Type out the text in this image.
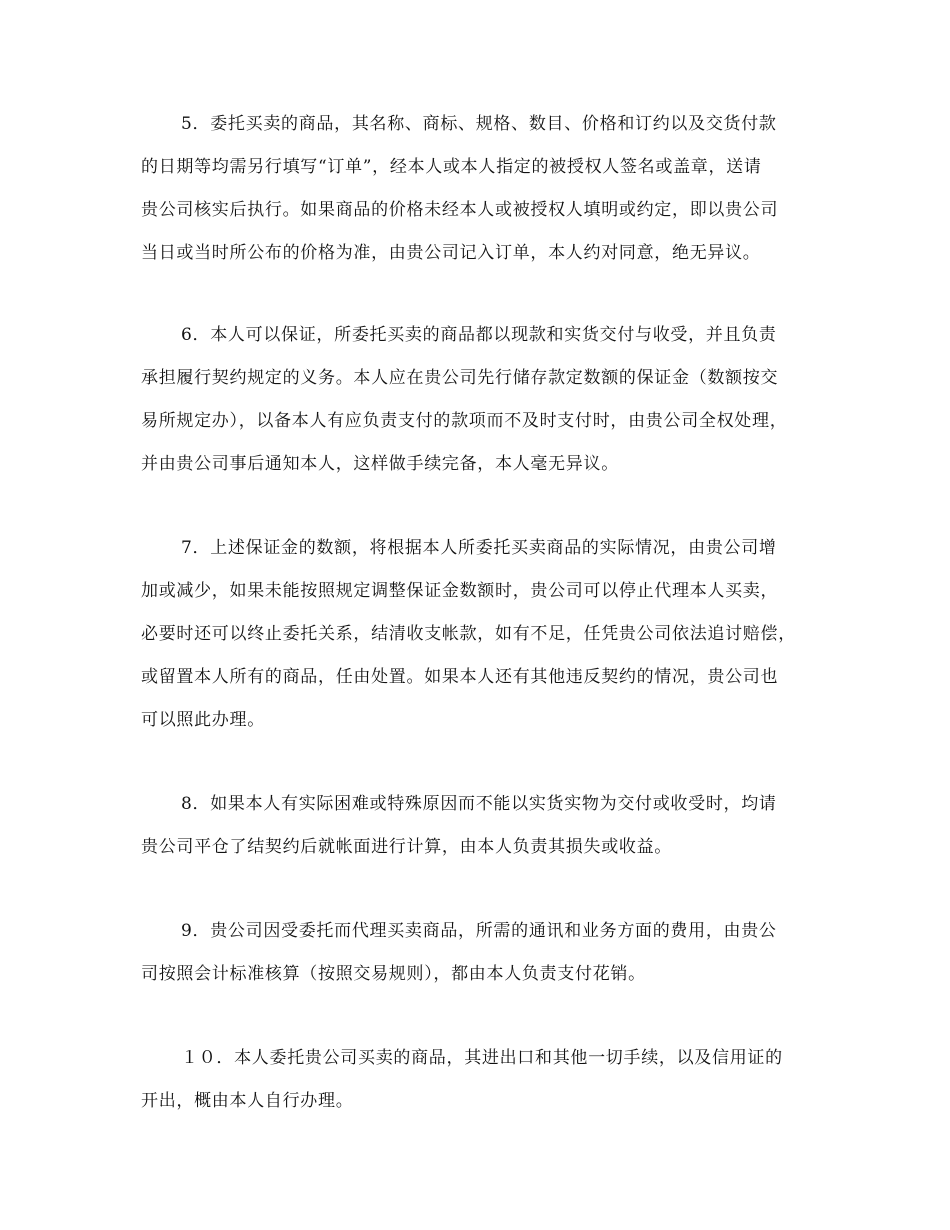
5．委托买卖的商品，其名称、商标、规格、数目、价格和订约以及交货付款
的日期等均需另行填写“订单”，经本人或本人指定的被授权人签名或盖章，送请
贵公司核实后执行。如果商品的价格未经本人或被授权人填明或约定，即以贵公司
当日或当时所公布的价格为准，由贵公司记入订单，本人约对同意，绝无异议。
6．本人可以保证，所委托买卖的商品都以现款和实货交付与收受，并且负责
承担履行契约规定的义务。本人应在贵公司先行储存款定数额的保证金（数额按交
易所规定办），以备本人有应负责支付的款项而不及时支付时，由贵公司全权处理，
并由贵公司事后通知本人，这样做手续完备，本人毫无异议。
7．上述保证金的数额，将根据本人所委托买卖商品的实际情况，由贵公司增
加或减少，如果未能按照规定调整保证金数额时，贵公司可以停止代理本人买卖，
必要时还可以终止委托关系，结清收支帐款，如有不足，任凭贵公司依法追讨赔偿，
或留置本人所有的商品，任由处置。如果本人还有其他违反契约的情况，贵公司也
可以照此办理。
8．如果本人有实际困难或特殊原因而不能以实货实物为交付或收受时，均请
贵公司平仓了结契约后就帐面进行计算，由本人负责其损失或收益。
9．贵公司因受委托而代理买卖商品，所需的通讯和业务方面的费用，由贵公
司按照会计标准核算（按照交易规则），都由本人负责支付花销。
１０．本人委托贵公司买卖的商品，其进出口和其他一切手续，以及信用证的
开出，概由本人自行办理。
